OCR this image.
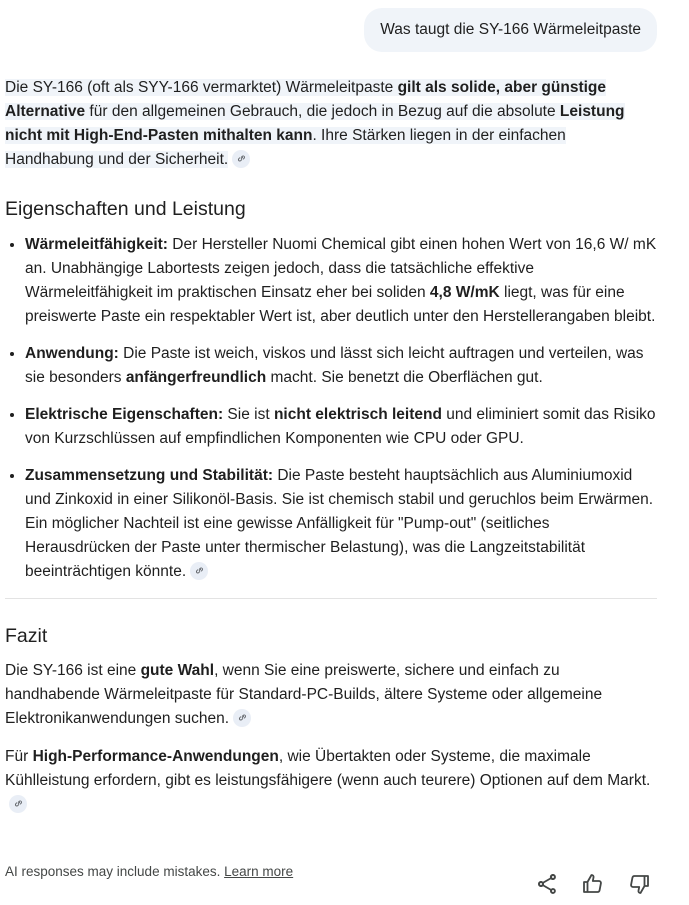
Was taugt die SY-166 Wärmeleitpaste

Die SY-166 (oft als SYY-166 vermarktet) Wärmeleitpaste gilt als solide, aber günstige Alternative für den allgemeinen Gebrauch, die jedoch in Bezug auf die absolute Leistung nicht mit High-End-Pasten mithalten kann. Ihre Stärken liegen in der einfachen Handhabung und der Sicherheit.

Eigenschaften und Leistung
• Wärmeleitfähigkeit: Der Hersteller Nuomi Chemical gibt einen hohen Wert von 16,6 W/ mK an. Unabhängige Labortests zeigen jedoch, dass die tatsächliche effektive Wärmeleitfähigkeit im praktischen Einsatz eher bei soliden 4,8 W/mK liegt, was für eine preiswerte Paste ein respektabler Wert ist, aber deutlich unter den Herstellerangaben bleibt.
• Anwendung: Die Paste ist weich, viskos und lässt sich leicht auftragen und verteilen, was sie besonders anfängerfreundlich macht. Sie benetzt die Oberflächen gut.
• Elektrische Eigenschaften: Sie ist nicht elektrisch leitend und eliminiert somit das Risiko von Kurzschlüssen auf empfindlichen Komponenten wie CPU oder GPU.
• Zusammensetzung und Stabilität: Die Paste besteht hauptsächlich aus Aluminiumoxid und Zinkoxid in einer Silikonöl-Basis. Sie ist chemisch stabil und geruchlos beim Erwärmen. Ein möglicher Nachteil ist eine gewisse Anfälligkeit für "Pump-out" (seitliches Herausdrücken der Paste unter thermischer Belastung), was die Langzeitstabilität beeinträchtigen könnte.
Fazit

Die SY-166 ist eine gute Wahl, wenn Sie eine preiswerte, sichere und einfach zu handhabende Wärmeleitpaste für Standard-PC-Builds, ältere Systeme oder allgemeine Elektronikanwendungen suchen.

Für High-Performance-Anwendungen, wie Übertakten oder Systeme, die maximale Kühlleistung erfordern, gibt es leistungsfähigere (wenn auch teurere) Optionen auf dem Markt.

AI responses may include mistakes. Learn more
